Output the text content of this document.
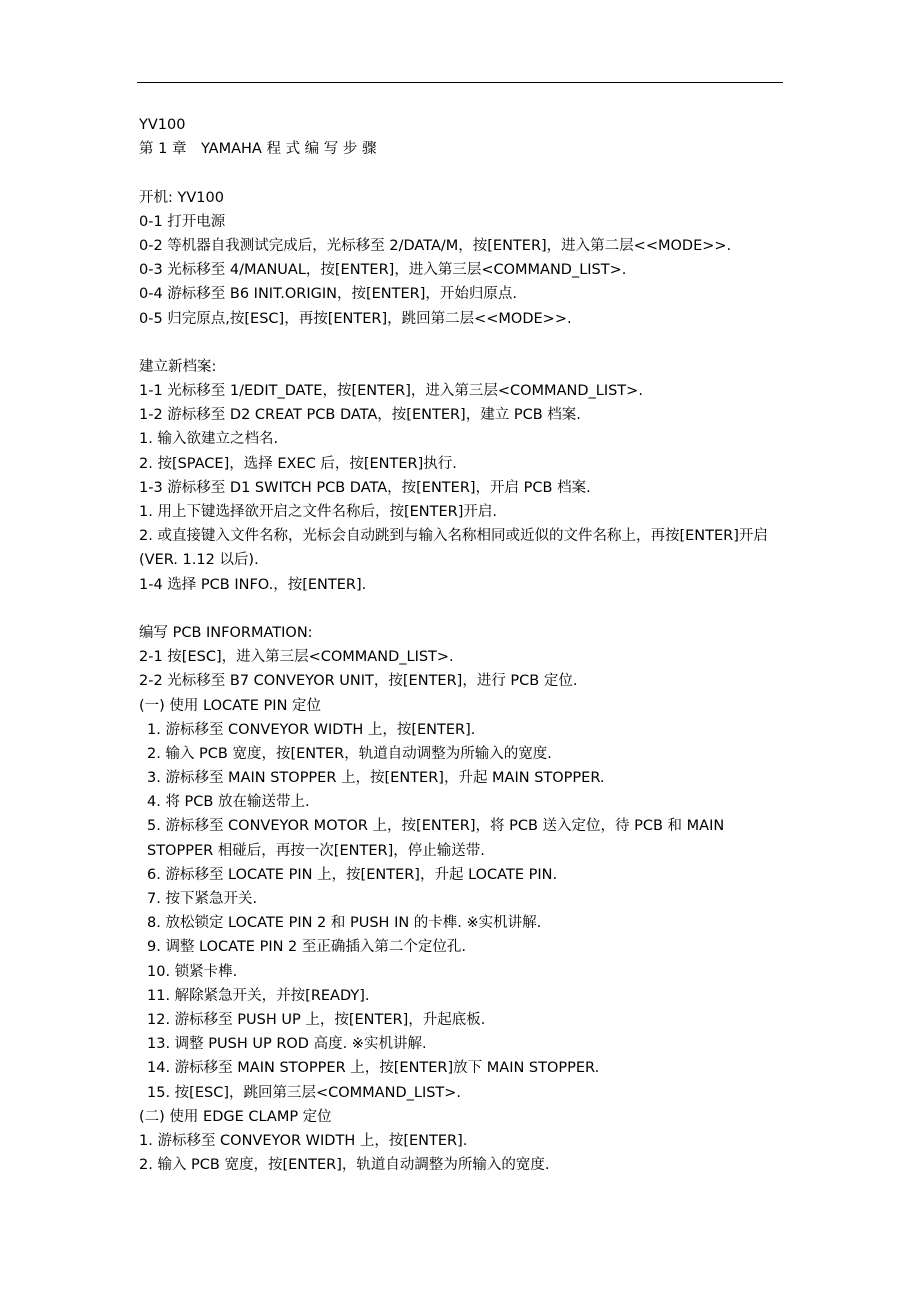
YV100
第 1 章　YAMAHA 程 式 编 写 步 骤
开机: YV100
0-1 打开电源
0-2 等机器自我测试完成后，光标移至 2/DATA/M，按[ENTER]，进入第二层<<MODE>>.
0-3 光标移至 4/MANUAL，按[ENTER]，进入第三层<COMMAND_LIST>.
0-4 游标移至 B6 INIT.ORIGIN，按[ENTER]，开始归原点.
0-5 归完原点,按[ESC]，再按[ENTER]，跳回第二层<<MODE>>.
建立新档案:
1-1 光标移至 1/EDIT_DATE，按[ENTER]，进入第三层<COMMAND_LIST>.
1-2 游标移至 D2 CREAT PCB DATA，按[ENTER]，建立 PCB 档案.
1. 输入欲建立之档名.
2. 按[SPACE]，选择 EXEC 后，按[ENTER]执行.
1-3 游标移至 D1 SWITCH PCB DATA，按[ENTER]，开启 PCB 档案.
1. 用上下键选择欲开启之文件名称后，按[ENTER]开启.
2. 或直接键入文件名称，光标会自动跳到与输入名称相同或近似的文件名称上，再按[ENTER]开启(VER. 1.12 以后).
1-4 选择 PCB INFO.，按[ENTER].
编写 PCB INFORMATION:
2-1 按[ESC]，进入第三层<COMMAND_LIST>.
2-2 光标移至 B7 CONVEYOR UNIT，按[ENTER]，进行 PCB 定位.
(一) 使用 LOCATE PIN 定位
1. 游标移至 CONVEYOR WIDTH 上，按[ENTER].
2. 输入 PCB 宽度，按[ENTER，轨道自动调整为所输入的宽度.
3. 游标移至 MAIN STOPPER 上，按[ENTER]，升起 MAIN STOPPER.
4. 将 PCB 放在输送带上.
5. 游标移至 CONVEYOR MOTOR 上，按[ENTER]，将 PCB 送入定位，待 PCB 和 MAIN STOPPER 相碰后，再按一次[ENTER]，停止输送带.
6. 游标移至 LOCATE PIN 上，按[ENTER]，升起 LOCATE PIN.
7. 按下紧急开关.
8. 放松锁定 LOCATE PIN 2 和 PUSH IN 的卡榫. ※实机讲解.
9. 调整 LOCATE PIN 2 至正确插入第二个定位孔.
10. 锁紧卡榫.
11. 解除紧急开关，并按[READY].
12. 游标移至 PUSH UP 上，按[ENTER]，升起底板.
13. 调整 PUSH UP ROD 高度. ※实机讲解.
14. 游标移至 MAIN STOPPER 上，按[ENTER]放下 MAIN STOPPER.
15. 按[ESC]，跳回第三层<COMMAND_LIST>.
(二) 使用 EDGE CLAMP 定位
1. 游标移至 CONVEYOR WIDTH 上，按[ENTER].
2. 输入 PCB 宽度，按[ENTER]，轨道自动調整为所输入的宽度.
